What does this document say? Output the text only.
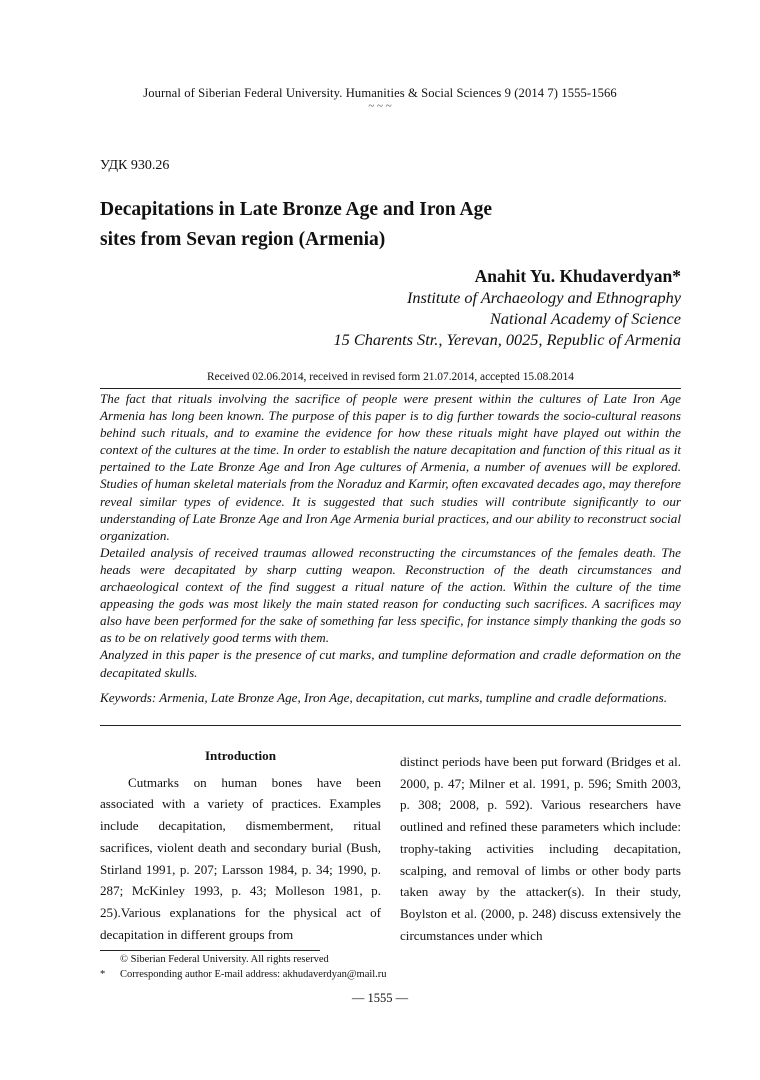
Journal of Siberian Federal University. Humanities & Social Sciences 9 (2014 7) 1555-1566
~ ~ ~
УДК 930.26
Decapitations in Late Bronze Age and Iron Age
sites from Sevan region (Armenia)
Anahit Yu. Khudaverdyan*
Institute of Archaeology and Ethnography
National Academy of Science
15 Charents Str., Yerevan, 0025, Republic of Armenia
Received 02.06.2014, received in revised form 21.07.2014, accepted 15.08.2014

The fact that rituals involving the sacrifice of people were present within the cultures of Late Iron Age Armenia has long been known. The purpose of this paper is to dig further towards the socio-cultural reasons behind such rituals, and to examine the evidence for how these rituals might have played out within the context of the cultures at the time. In order to establish the nature decapitation and function of this ritual as it pertained to the Late Bronze Age and Iron Age cultures of Armenia, a number of avenues will be explored. Studies of human skeletal materials from the Noraduz and Karmir, often excavated decades ago, may therefore reveal similar types of evidence. It is suggested that such studies will contribute significantly to our understanding of Late Bronze Age and Iron Age Armenia burial practices, and our ability to reconstruct social organization.

Detailed analysis of received traumas allowed reconstructing the circumstances of the females death. The heads were decapitated by sharp cutting weapon. Reconstruction of the death circumstances and archaeological context of the find suggest a ritual nature of the action. Within the culture of the time appeasing the gods was most likely the main stated reason for conducting such sacrifices. A sacrifices may also have been performed for the sake of something far less specific, for instance simply thanking the gods so as to be on relatively good terms with them.

Analyzed in this paper is the presence of cut marks, and tumpline deformation and cradle deformation on the decapitated skulls.

Keywords: Armenia, Late Bronze Age, Iron Age, decapitation, cut marks, tumpline and cradle deformations.

Introduction

Cutmarks on human bones have been associated with a variety of practices. Examples include decapitation, dismemberment, ritual sacrifices, violent death and secondary burial (Bush, Stirland 1991, p. 207; Larsson 1984, p. 34; 1990, p. 287; McKinley 1993, p. 43; Molleson 1981, p. 25).Various explanations for the physical act of decapitation in different groups from

distinct periods have been put forward (Bridges et al. 2000, p. 47; Milner et al. 1991, p. 596; Smith 2003, p. 308; 2008, p. 592). Various researchers have outlined and refined these parameters which include: trophy-taking activities including decapitation, scalping, and removal of limbs or other body parts taken away by the attacker(s). In their study, Boylston et al. (2000, p. 248) discuss extensively the circumstances under which

© Siberian Federal University. All rights reserved
* Corresponding author E-mail address: akhudaverdyan@mail.ru
— 1555 —
